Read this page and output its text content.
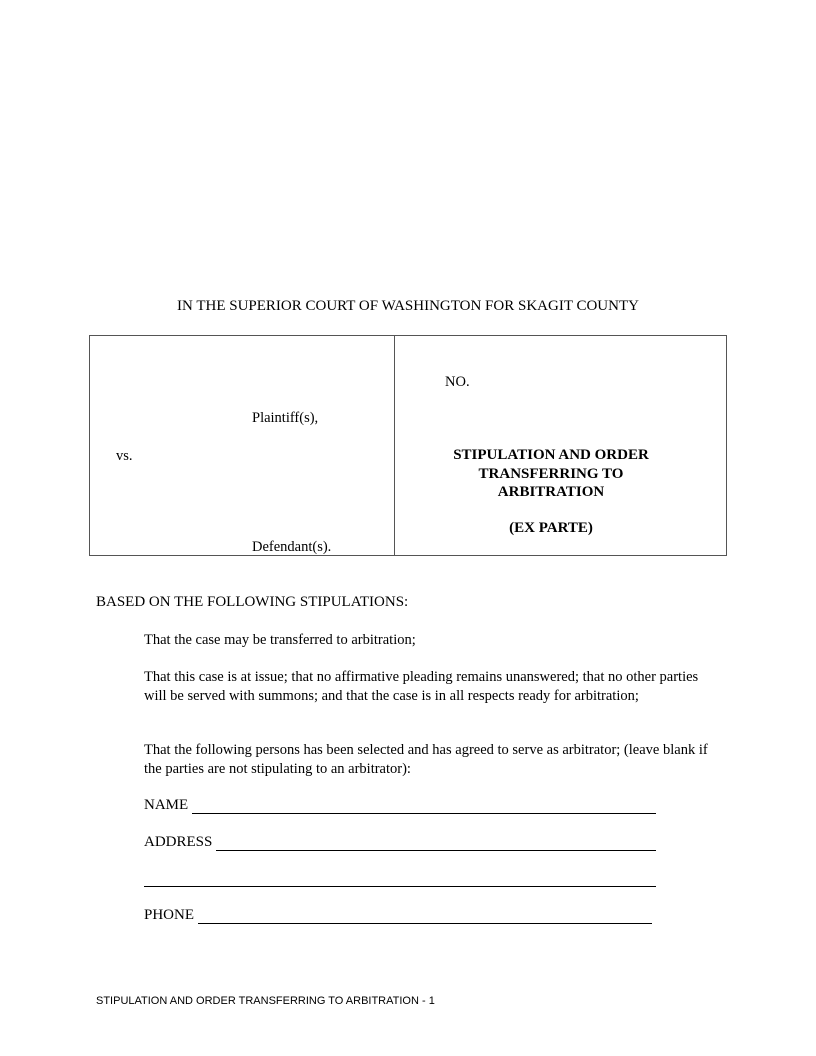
IN THE SUPERIOR COURT OF WASHINGTON FOR SKAGIT COUNTY
Plaintiff(s),
vs.
Defendant(s).
NO.
STIPULATION AND ORDER
TRANSFERRING TO
ARBITRATION
(EX PARTE)
BASED ON THE FOLLOWING STIPULATIONS:
That the case may be transferred to arbitration;
That this case is at issue; that no affirmative pleading remains unanswered; that no other parties will be served with summons; and that the case is in all respects ready for arbitration;
That the following persons has been selected and has agreed to serve as arbitrator; (leave blank if the parties are not stipulating to an arbitrator):
NAME
ADDRESS
PHONE
STIPULATION AND ORDER TRANSFERRING TO ARBITRATION - 1
